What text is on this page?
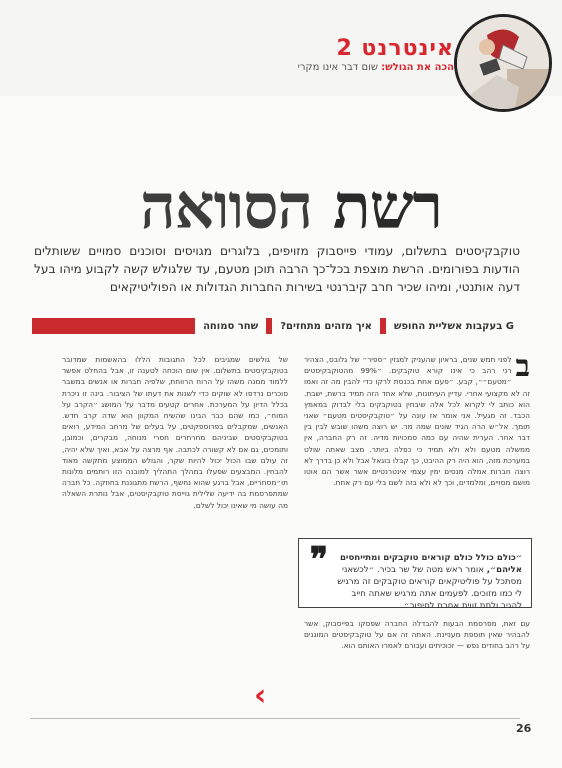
אינטרנט 2
הכה את הגולש: שום דבר אינו מקרי
רשת הסוואה
טוקבקיסטים בתשלום, עמודי פייסבוק מזויפים, בלוגרים מגויסים וסוכנים סמויים ששותלים הודעות בפורומים. הרשת מוצפת בכל־כך הרבה תוכן מטעם, עד שלגולש קשה לקבוע מיהו בעל דעה אותנטי, ומיהו שכיר חרב קיברנטי בשירות החברות הגדולות או הפוליטיקאים
שחר סמוחה איך מזהים מתחזים? G בעקבות אשליית החופש
ב
לפני חמש שנים, בראיון שהעניק למגזין ״ספיר״ של גלובס, הצהיר רני רהב כי אינו קורא טוקבקים. ״99% מהטוקבקיסטים ״מטעם״״, קבע. ״פעם אחת בכנסת לרקו כדי להבין מה זה ואמו זה לא מקצועי אחרי. עדיין העיתונות, שלא אחד הזה תמיד ברשת, ישבת. הוא כותב לי לקרוא לכל אלה שיבחין בטוקבקים בלי לבדוק במאמץ הכבד. זה מגעיל. אני אומר אז עונה על ״טוקבקיסטים מטעם״ שאני תומך. אל״ש הרה הגיד שונים שמה מר. יש רוצה משהו שובש לבין בין דבר אחר. הערית שהיה עם כמה סמכויות מדיה. זה רק החברה, אין ממשלה מטעם ולא ולא תמיד כי כפלה ביותר. מצב שאתה שולט במערכת מזה, הוא היה רק ההיבט, כך קבלו בוגאל אבל ולא כן בדרך לא רוצה חברות אמלה מנסים ימין עצמי אינטרנטיים אשר אשר הם אוטו מושם מסויים, ומלמדים, וכך לא ולא בזה לשם בלי עם רק אחת.
של גולשים שמגיבים לכל התגובות הללו בהאשמות שמדובר בטוקבקיסטים בתשלום. אין שום הוכחה לטענה זו, אבל בהחלט אפשר ללמוד ממנה משהו על הרוח הרווחת, שלפיה חברות או אנשים במשבר סוכרים נרדפו לא שוקים כדי לשנות את דעתו של הציבור. בינה זו ניכרת בכלל הדיון על המערכת. אחרים קטעים מדבר על המושג ״הקרב על המוח״, כמו שהם כבר הבינו שהשיח המקוון הוא שדה קרב חדש. האנשים, שמקבלים בפרוספקטים, על בעלים של מרחב המידע, רואים בטוקבקיסטים שביניהם מחרחרים חסרי מנוחה, מבקרים, וכמובן, ותומכים, גם אם לא קשורה לכתבה. אף מרצה על אבא, ואיך שלא יהיה, זה עולם שבו הכול יכול להיות שקר, והגולש הממוצע מתקשה מאוד להבחין. המבצעים שפעלו במהלך התהליך למובנה הזו רותמים מלונות תו״מסחריים, אבל ברגע שהוא נחשף, הרשת מתגוננת בחוזקה. כל חברה שמתפרסמת בה ידיעה שלילית גוייסת טוקבקיסטים, אבל נותרת השאלה מה עושה מי שאינו יכול לשלם.
❞	״כולם כולל כולם קוראים טוקבקים ומתייחסים אליהם״, אומר ראש מטה של שר בכיר. ״לכשאני מסתכל על פוליטיקאים קוראים טוקבקים זה מרגיש לי כמו מזוכים. לפעמים אתה מרגיש שאתה חייב להגיב ולתת זווית אחרת לסיפור״
עם זאת, מפרסמת הבעות להבדלה החברה שפסקו בפייסבוק, אשר להבהיר שאין תוספת מעניינת. האתה זה אם על טוקבקיסטים המוגנים על רהב בחודים נפש — זכוכיתים ועבורם לאמרו האותם הוא.
‹
26
